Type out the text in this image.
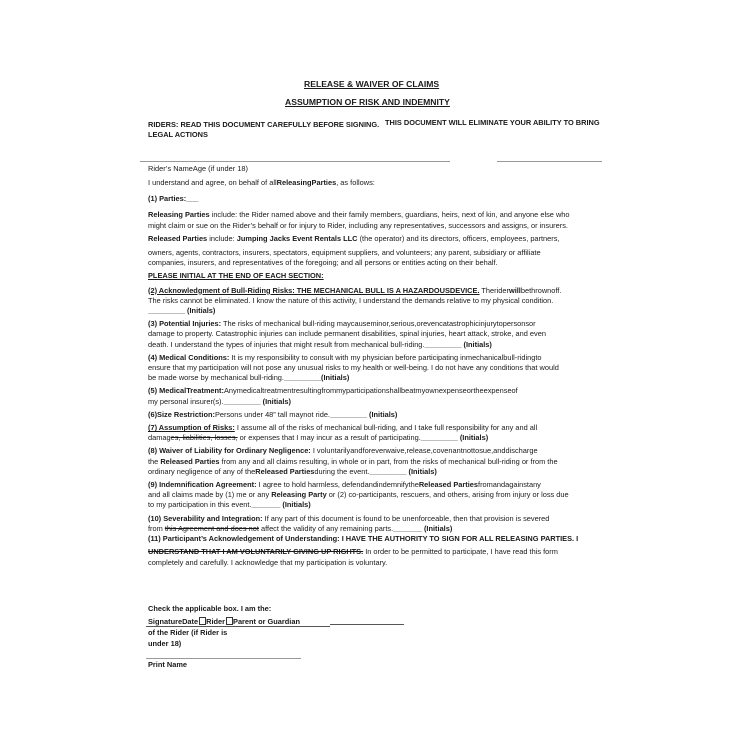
RELEASE & WAIVER OF CLAIMS
ASSUMPTION OF RISK AND INDEMNITY
RIDERS: READ THIS DOCUMENT CAREFULLY BEFORE SIGNING. THIS DOCUMENT WILL ELIMINATE YOUR ABILITY TO BRING
LEGAL ACTIONS
Rider’s NameAge (if under 18)

I understand and agree, on behalf of allReleasingParties, as follows:

(1) Parties:___

Releasing Parties include: the Rider named above and their family members, guardians, heirs, next of kin, and anyone else who

might claim or sue on the Rider’s behalf or for injury to Rider, including any representatives, successors and assigns, or insurers.

Released Parties include: Jumping Jacks Event Rentals LLC (the operator) and its directors, officers, employees, partners,

owners, agents, contractors, insurers, spectators, equipment suppliers, and volunteers; any parent, subsidiary or affiliate

companies, insurers, and representatives of the foregoing; and all persons or entities acting on their behalf.

PLEASE INITIAL AT THE END OF EACH SECTION:

(2) Acknowledgment of Bull-Riding Risks: THE MECHANICAL BULL IS A HAZARDOUSDEVICE. Theriderwillbethrownoff.

The risks cannot be eliminated. I know the nature of this activity, I understand the demands relative to my physical condition.

_________ (Initials)

(3) Potential Injuries: The risks of mechanical bull-riding maycauseminor,serious,orevencatastrophicinjurytopersonsor

damage to property. Catastrophic injuries can include permanent disabilities, spinal injuries, heart attack, stroke, and even

death. I understand the types of injuries that might result from mechanical bull-riding._________ (Initials)

(4) Medical Conditions: It is my responsibility to consult with my physician before participating inmechanicalbull-ridingto

ensure that my participation will not pose any unusual risks to my health or well-being. I do not have any conditions that would

be made worse by mechanical bull-riding._________(Initials)

(5) MedicalTreatment:Anymedicaltreatmentresultingfrommyparticipationshallbeatmyownexpenseortheexpenseof

my personal insurer(s)._________ (Initials)

(6)Size Restriction:Persons under 48” tall maynot ride._________ (Initials)

(7) Assumption of Risks: I assume all of the risks of mechanical bull-riding, and I take full responsibility for any and all

damages, liabilities, losses, or expenses that I may incur as a result of participating._________ (Initials)

(8) Waiver of Liability for Ordinary Negligence: I voluntarilyandforeverwaive,release,covenantnottosue,anddischarge

the Released Parties from any and all claims resulting, in whole or in part, from the risks of mechanical bull-riding or from the

ordinary negligence of any of theReleased Partiesduring the event._________ (Initials)

(9) Indemnification Agreement: I agree to hold harmless, defendandindemnifytheReleased Partiesfromandagainstany

and all claims made by (1) me or any Releasing Party or (2) co-participants, rescuers, and others, arising from injury or loss due

to my participation in this event._______ (Initials)

(10) Severability and Integration: If any part of this document is found to be unenforceable, then that provision is severed

from this Agreement and does not affect the validity of any remaining parts._______ (Initials)

(11) Participant’s Acknowledgement of Understanding: I HAVE THE AUTHORITY TO SIGN FOR ALL RELEASING PARTIES. I

UNDERSTAND THAT I AM VOLUNTARILY GIVING UP RIGHTS. In order to be permitted to participate, I have read this form

completely and carefully. I acknowledge that my participation is voluntary.

Check the applicable box. I am the:
SignatureDate Rider Parent or Guardian
of the Rider (if Rider is
under 18)
Print Name
